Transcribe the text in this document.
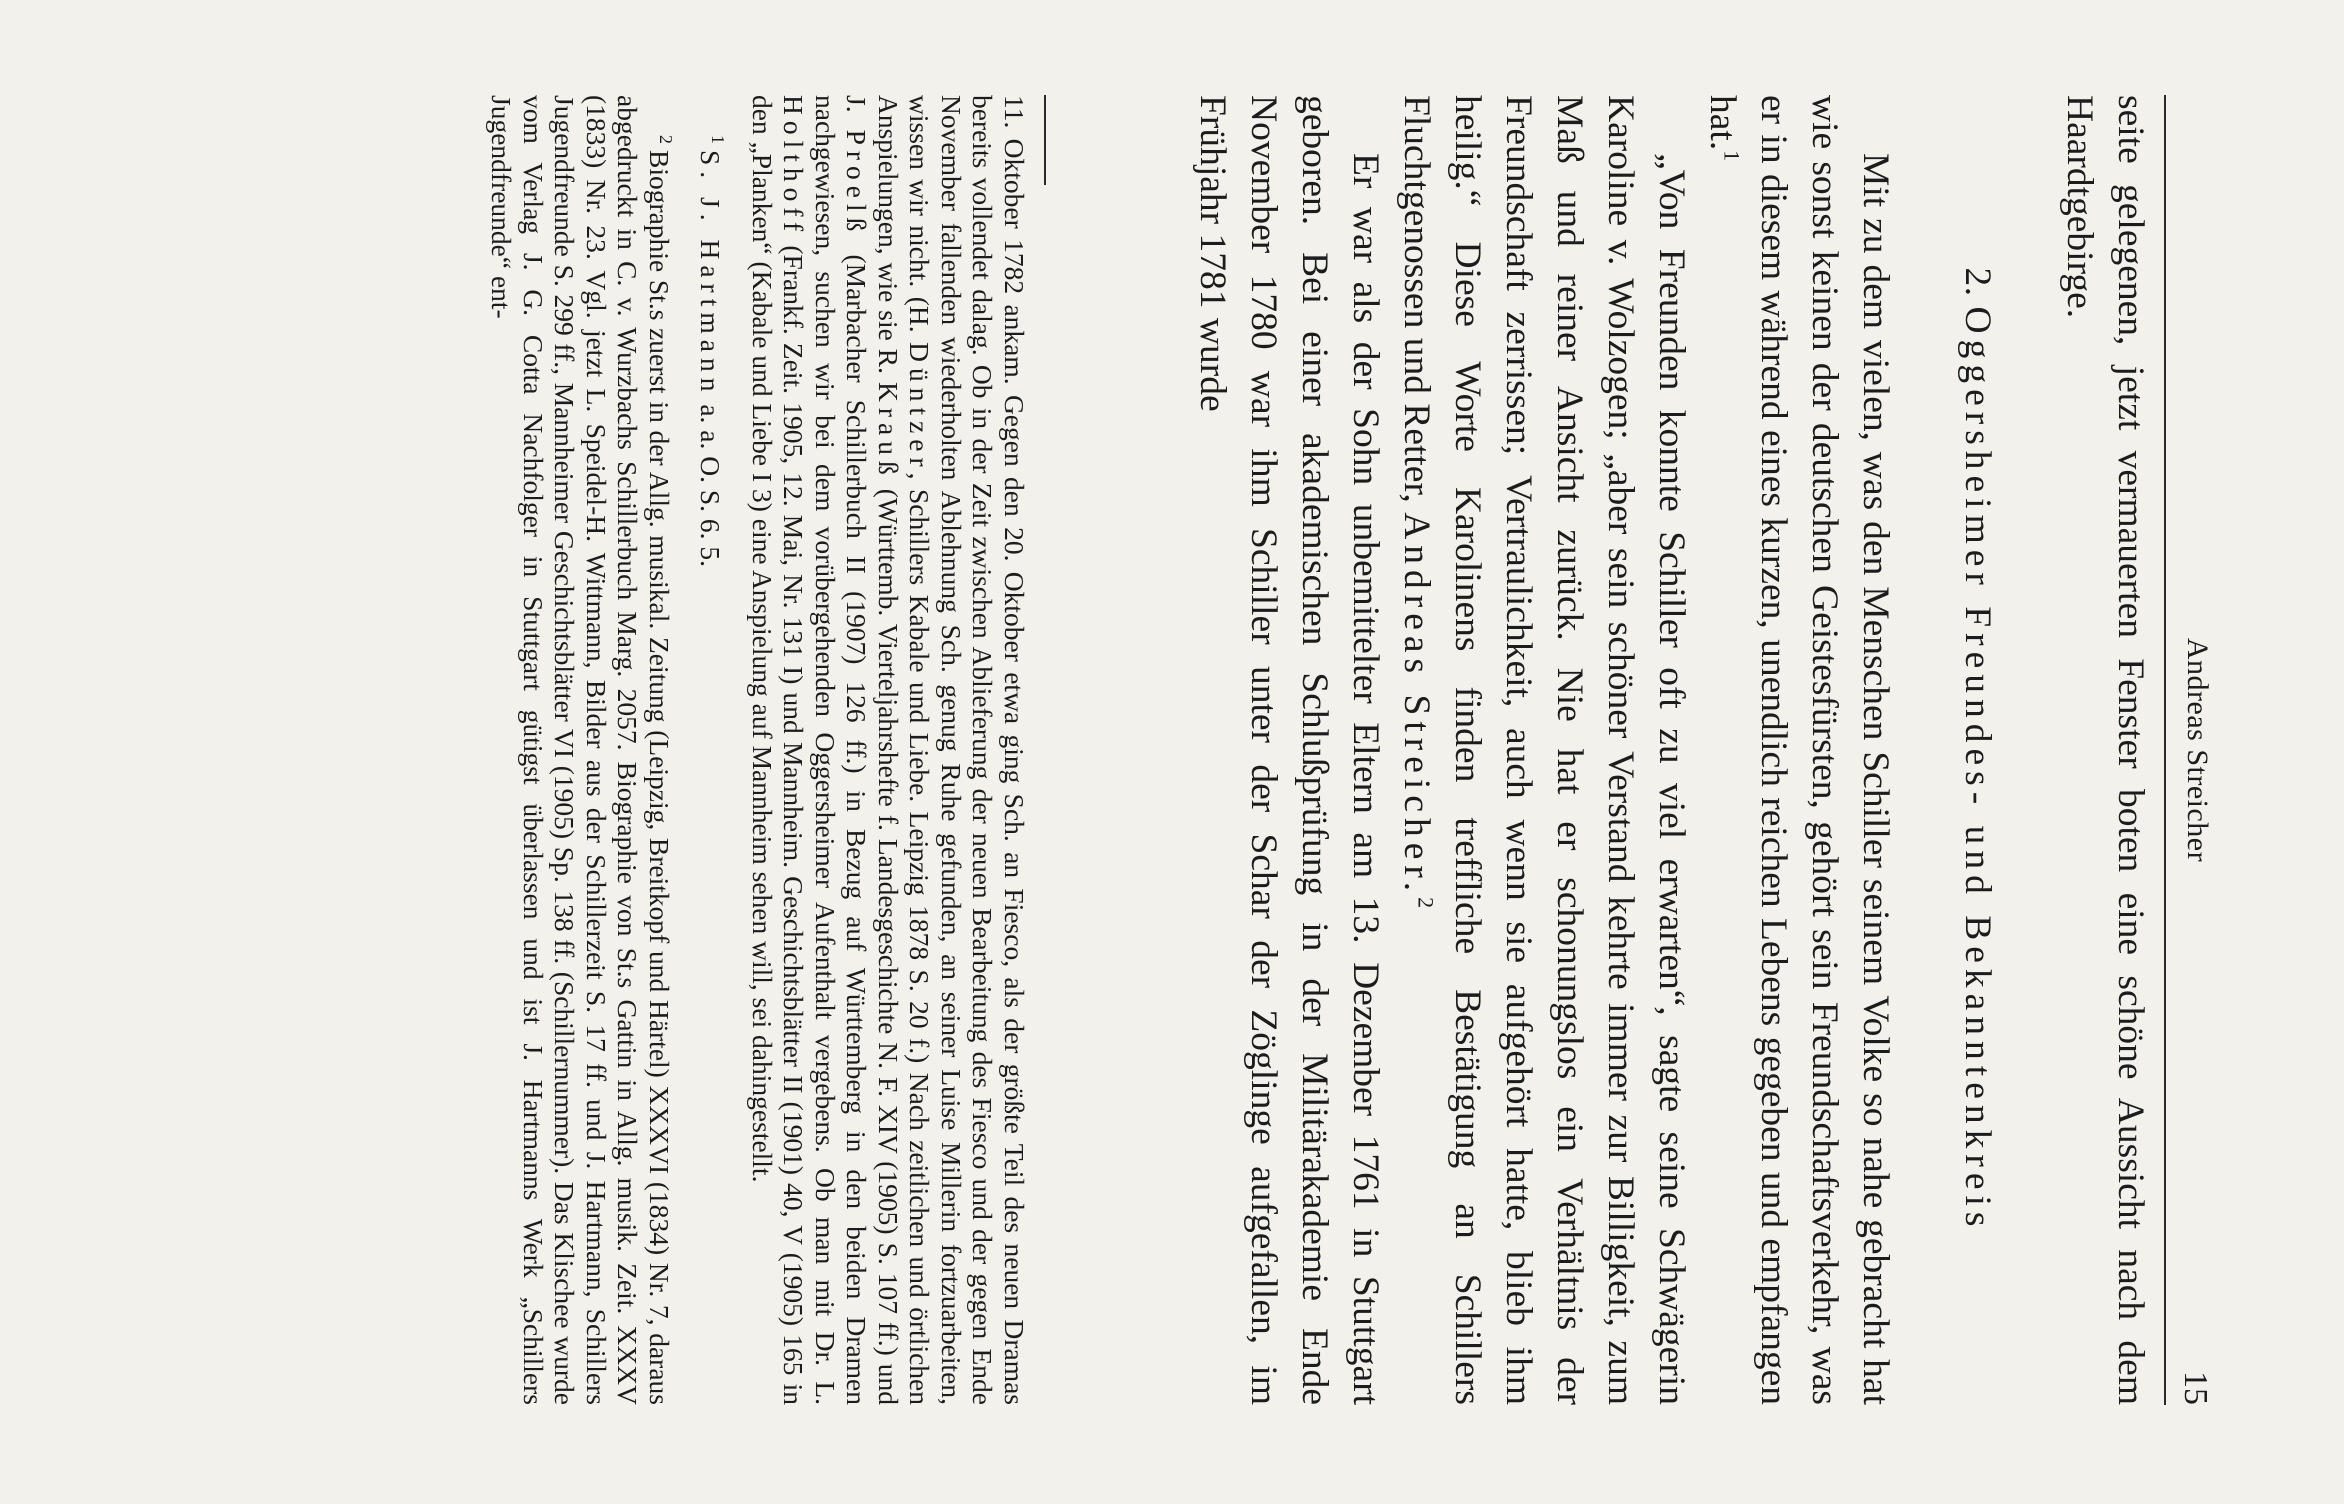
Andreas Streicher
15

seite gelegenen, jetzt vermauerten Fenster boten eine schöne Aussicht nach dem Haardtgebirge.

2. Oggersheimer Freundes- und Bekanntenkreis

Mit zu dem vielen, was den Menschen Schiller seinem Volke so nahe gebracht hat wie sonst keinen der deutschen Geistesfürsten, gehört sein Freundschaftsverkehr, was er in diesem während eines kurzen, unendlich reichen Lebens gegeben und empfangen hat.$^1$

„Von Freunden konnte Schiller oft zu viel erwarten“, sagte seine Schwägerin Karoline v. Wolzogen; „aber sein schöner Verstand kehrte immer zur Billigkeit, zum Maß und reiner Ansicht zurück. Nie hat er schonungslos ein Verhältnis der Freundschaft zerrissen; Vertraulichkeit, auch wenn sie aufgehört hatte, blieb ihm heilig.“ Diese Worte Karolinens finden treffliche Bestätigung an Schillers Fluchtgenossen und Retter, Andreas Streicher.$^2$

Er war als der Sohn unbemittelter Eltern am 13. Dezember 1761 in Stuttgart geboren. Bei einer akademischen Schlußprüfung in der Militärakademie Ende November 1780 war ihm Schiller unter der Schar der Zöglinge aufgefallen, im Frühjahr 1781 wurde

11. Oktober 1782 ankam. Gegen den 20. Oktober etwa ging Sch. an Fiesco, als der größte Teil des neuen Dramas bereits vollendet dalag. Ob in der Zeit zwischen Ablieferung der neuen Bearbeitung des Fiesco und der gegen Ende November fallenden wiederholten Ablehnung Sch. genug Ruhe gefunden, an seiner Luise Millerin fortzuarbeiten, wissen wir nicht. (H. Düntzer, Schillers Kabale und Liebe. Leipzig 1878 S. 20 f.) Nach zeitlichen und örtlichen Anspielungen, wie sie R. Krauß (Württemb. Vierteljahrshefte f. Landesgeschichte N. F. XIV (1905) S. 107 ff.) und J. Proelß (Marbacher Schillerbuch II (1907) 126 ff.) in Bezug auf Württemberg in den beiden Dramen nachgewiesen, suchen wir bei dem vorübergehenden Oggersheimer Aufenthalt vergebens. Ob man mit Dr. L. Holthoff (Frankf. Zeit. 1905, 12. Mai, Nr. 131 I) und Mannheim. Geschichtsblätter II (1901) 40, V (1905) 165 in den „Planken“ (Kabale und Liebe I 3) eine Anspielung auf Mannheim sehen will, sei dahingestellt.

$^1$S. J. Hartmann a. a. O. S. 6. 5.

$^2$Biographie St.s zuerst in der Allg. musikal. Zeitung (Leipzig, Breitkopf und Härtel) XXXVI (1834) Nr. 7, daraus abgedruckt in C. v. Wurzbachs Schillerbuch Marg. 2057. Biographie von St.s Gattin in Allg. musik. Zeit. XXXV (1833) Nr. 23. Vgl. jetzt L. Speidel-H. Wittmann, Bilder aus der Schillerzeit S. 17 ff. und J. Hartmann, Schillers Jugendfreunde S. 299 ff., Mannheimer Geschichtsblätter VI (1905) Sp. 138 ff. (Schillernummer). Das Klischee wurde vom Verlag J. G. Cotta Nachfolger in Stuttgart gütigst überlassen und ist J. Hartmanns Werk „Schillers Jugendfreunde“ ent-
